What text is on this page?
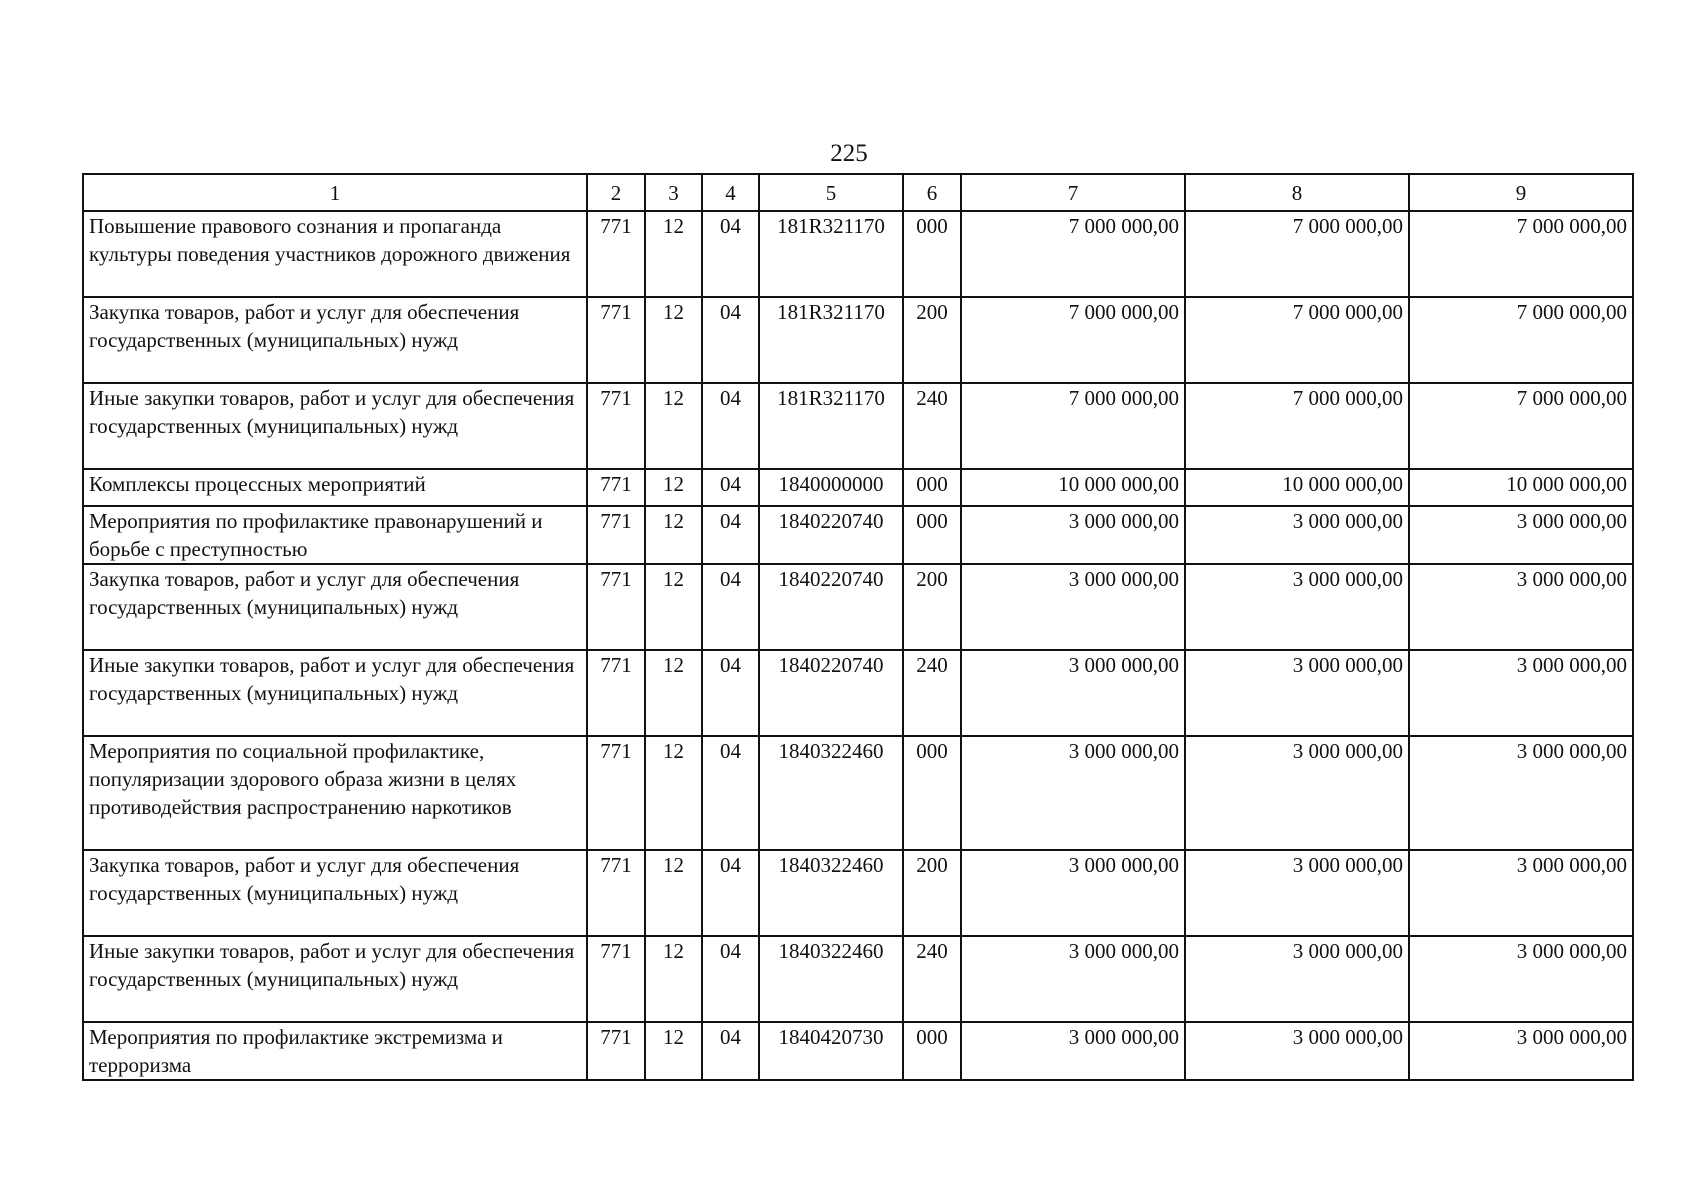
225
1	2	3	4	5	6	7	8	9
Повышение правового сознания и пропаганда культуры поведения участников дорожного движения	771	12	04	181R321170	000	7 000 000,00	7 000 000,00	7 000 000,00
Закупка товаров, работ и услуг для обеспечения государственных (муниципальных) нужд	771	12	04	181R321170	200	7 000 000,00	7 000 000,00	7 000 000,00
Иные закупки товаров, работ и услуг для обеспечения государственных (муниципальных) нужд	771	12	04	181R321170	240	7 000 000,00	7 000 000,00	7 000 000,00
Комплексы процессных мероприятий	771	12	04	1840000000	000	10 000 000,00	10 000 000,00	10 000 000,00
Мероприятия по профилактике правонарушений и борьбе с преступностью	771	12	04	1840220740	000	3 000 000,00	3 000 000,00	3 000 000,00
Закупка товаров, работ и услуг для обеспечения государственных (муниципальных) нужд	771	12	04	1840220740	200	3 000 000,00	3 000 000,00	3 000 000,00
Иные закупки товаров, работ и услуг для обеспечения государственных (муниципальных) нужд	771	12	04	1840220740	240	3 000 000,00	3 000 000,00	3 000 000,00
Мероприятия по социальной профилактике, популяризации здорового образа жизни в целях противодействия распространению наркотиков	771	12	04	1840322460	000	3 000 000,00	3 000 000,00	3 000 000,00
Закупка товаров, работ и услуг для обеспечения государственных (муниципальных) нужд	771	12	04	1840322460	200	3 000 000,00	3 000 000,00	3 000 000,00
Иные закупки товаров, работ и услуг для обеспечения государственных (муниципальных) нужд	771	12	04	1840322460	240	3 000 000,00	3 000 000,00	3 000 000,00
Мероприятия по профилактике экстремизма и терроризма	771	12	04	1840420730	000	3 000 000,00	3 000 000,00	3 000 000,00
